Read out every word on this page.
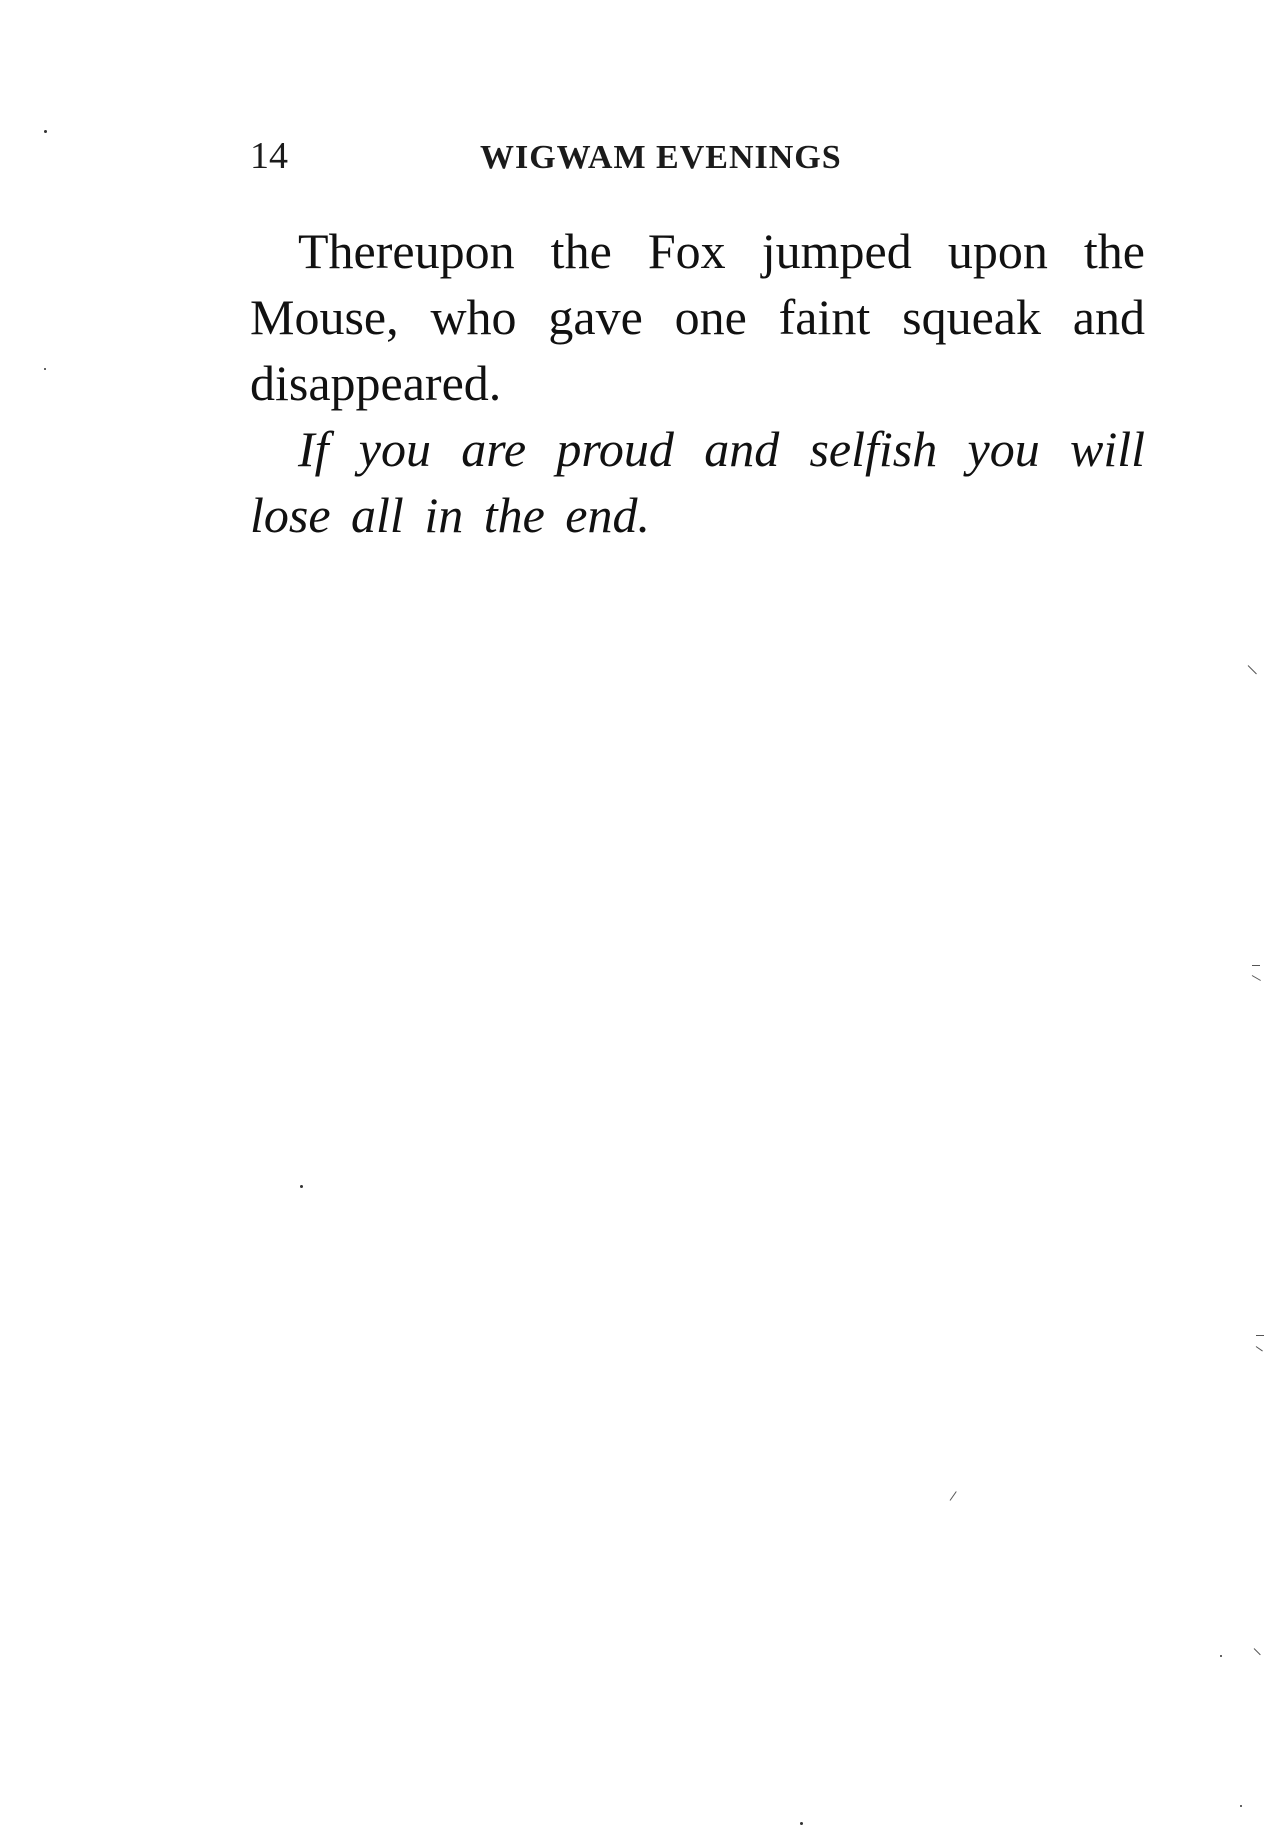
14	WIGWAM EVENINGS

Thereupon the Fox jumped upon the Mouse, who gave one faint squeak and disappeared.

If you are proud and selfish you will lose all in the end.
